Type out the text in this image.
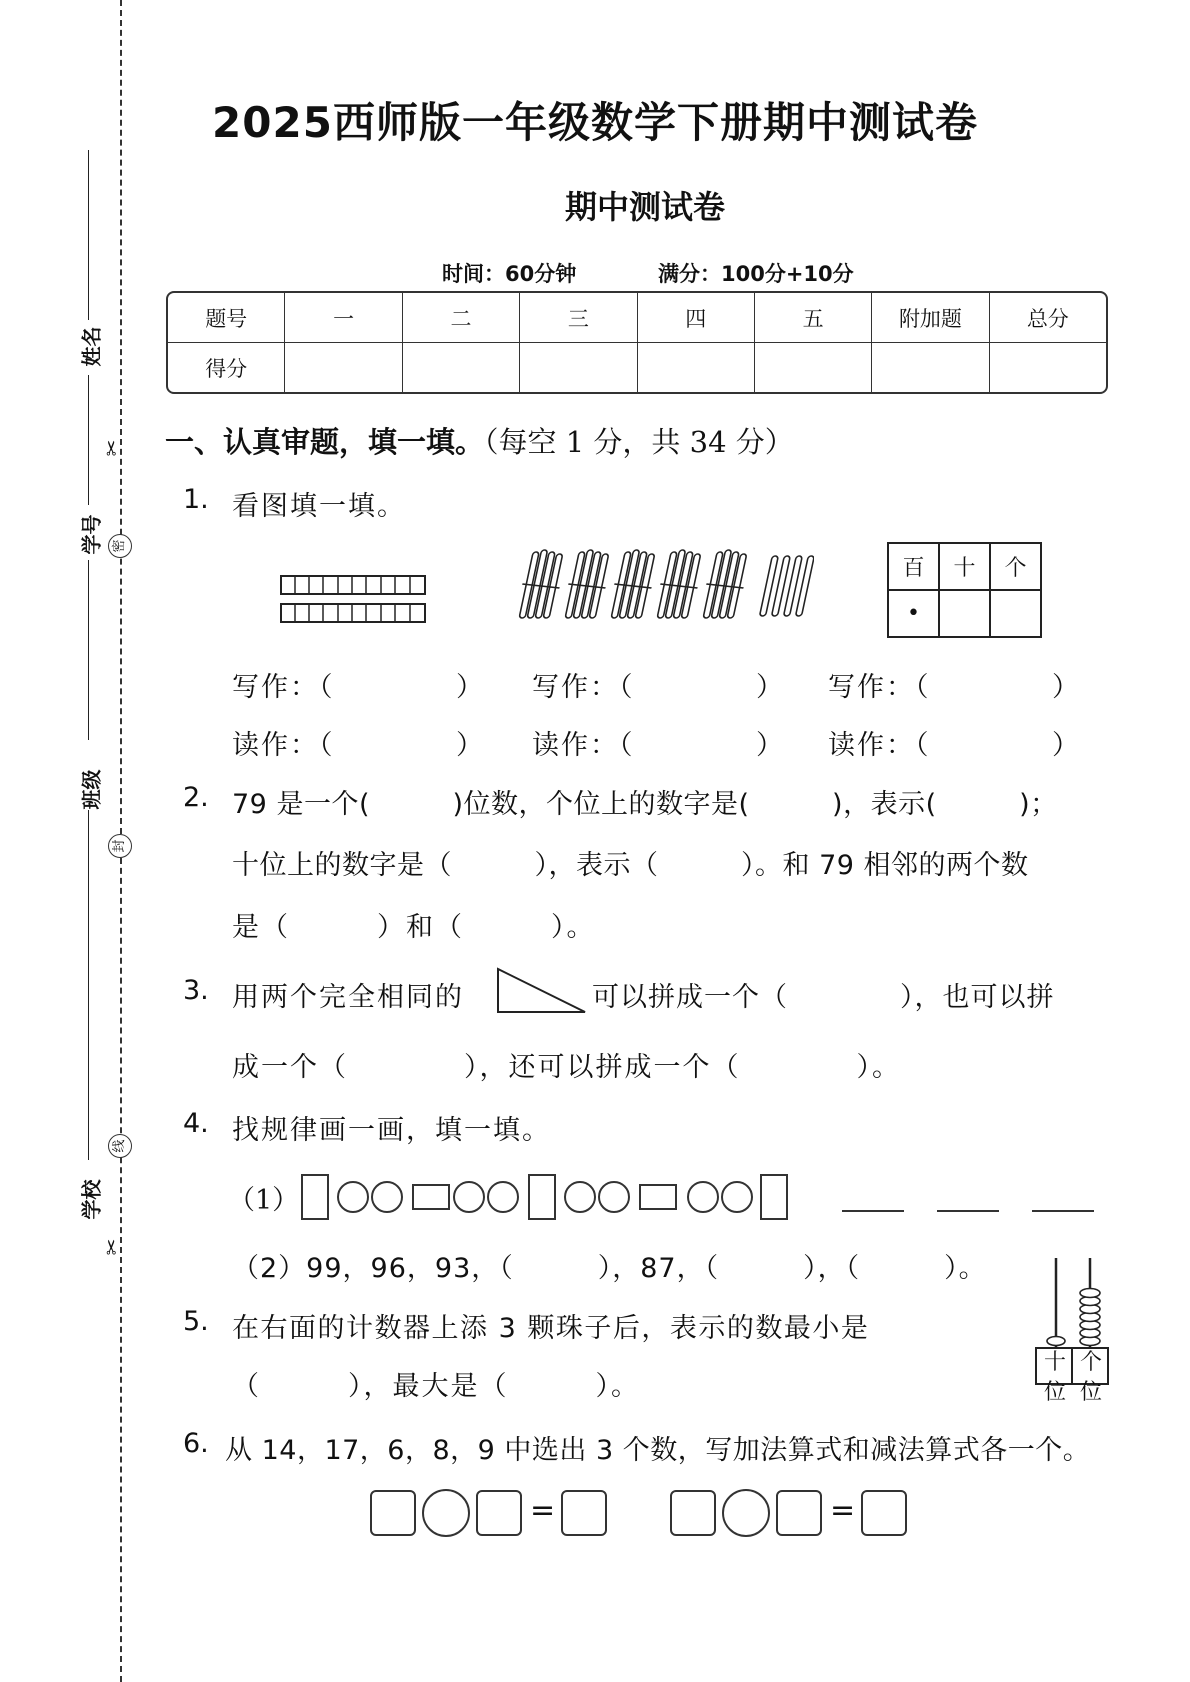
姓名
学号
班级
学校
✂
密
封
线
✂
2025西师版一年级数学下册期中测试卷
期中测试卷
时间：60分钟	满分：100分+10分
题号	一	二	三	四	五	附加题	总分
得分							
一、认真审题，填一填。（每空 1 分，共 34 分）
1. 看图填一填。
百	十	个
•		
写作：（	） 写作：（	） 写作：（	）
读作：（	） 读作：（	） 读作：（	）
2. 79 是一个(　　　)位数，个位上的数字是(　　　)，表示(　　　)；
十位上的数字是（　　　），表示（　　　）。和 79 相邻的两个数
是（　　　）和（　　　）。
3. 用两个完全相同的	可以拼成一个（　　　　），也可以拼
成一个（　　　　），还可以拼成一个（　　　　）。
4. 找规律画一画，填一填。
（1）
（2）99，96，93，（　　　），87，（　　　），（　　　）。
5. 在右面的计数器上添 3 颗珠子后，表示的数最小是
（　　　），最大是（　　　）。
十
位
个
位
6. 从 14，17，6，8，9 中选出 3 个数，写加法算式和减法算式各一个。
=	=
